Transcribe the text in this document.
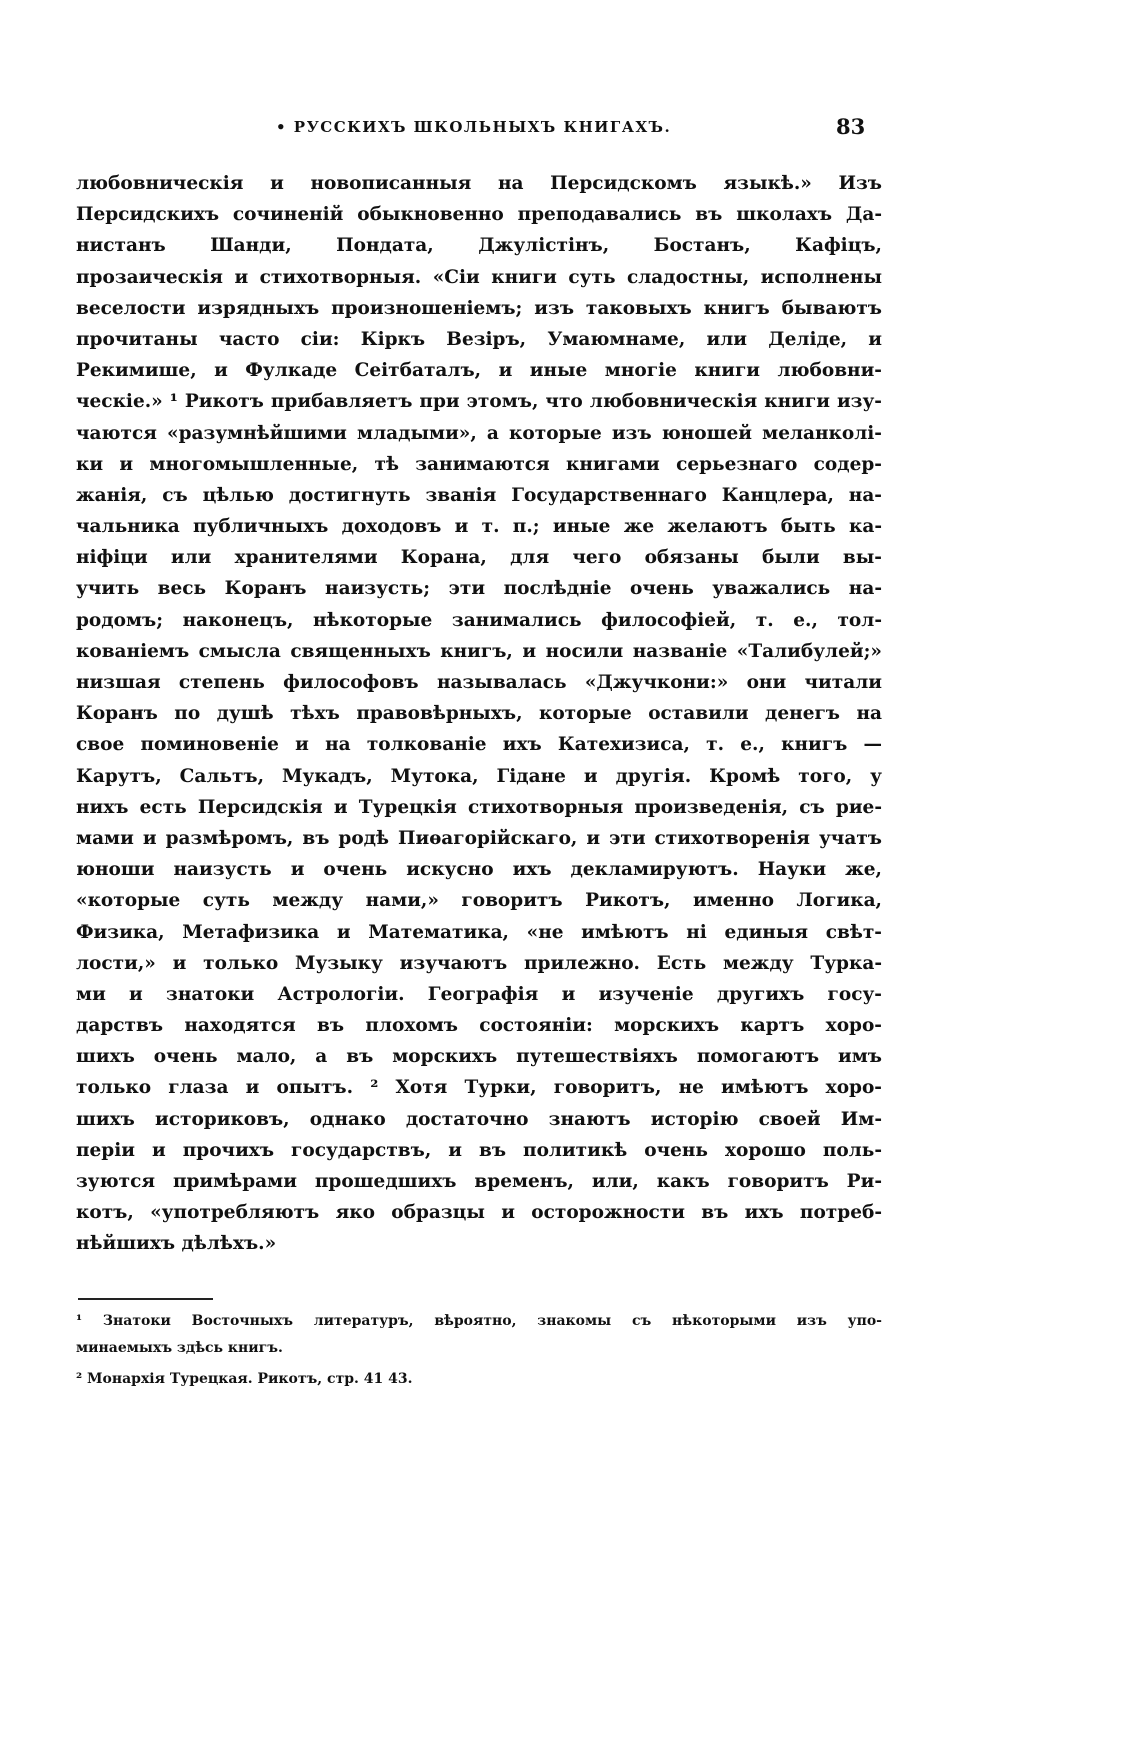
• РУССКИХЪ ШКОЛЬНЫХЪ КНИГАХЪ.	83
любовническія и новописанныя на Персидскомъ языкѣ.» Изъ
Персидскихъ сочиненій обыкновенно преподавались въ школахъ Да-
нистанъ Шанди, Пондата, Джулістінъ, Бостанъ, Кафіцъ,
прозаическія и стихотворныя. «Сіи книги суть сладостны, исполнены
веселости изрядныхъ произношеніемъ; изъ таковыхъ книгъ бываютъ
прочитаны часто сіи: Кіркъ Везіръ, Умаюмнаме, или Деліде, и
Рекимише, и Фулкаде Сеітбаталъ, и иные многіе книги любовни-
ческіе.» ¹ Рикотъ прибавляетъ при этомъ, что любовническія книги изу-
чаются «разумнѣйшими младыми», а которые изъ юношей меланколі-
ки и многомышленные, тѣ занимаются книгами серьезнаго содер-
жанія, съ цѣлью достигнуть званія Государственнаго Канцлера, на-
чальника публичныхъ доходовъ и т. п.; иные же желаютъ быть ка-
ніфіци или хранителями Корана, для чего обязаны были вы-
учить весь Коранъ наизусть; эти послѣдніе очень уважались на-
родомъ; наконецъ, нѣкоторые занимались философіей, т. е., тол-
кованіемъ смысла священныхъ книгъ, и носили названіе «Талибулей;»
низшая степень философовъ называлась «Джучкони:» они читали
Коранъ по душѣ тѣхъ правовѣрныхъ, которые оставили денегъ на
свое поминовеніе и на толкованіе ихъ Катехизиса, т. е., книгъ —
Карутъ, Сальтъ, Мукадъ, Мутока, Гідане и другія. Кромѣ того, у
нихъ есть Персидскія и Турецкія стихотворныя произведенія, съ рие-
мами и размѣромъ, въ родѣ Пиѳагорійскаго, и эти стихотворенія учатъ
юноши наизусть и очень искусно ихъ декламируютъ. Науки же,
«которые суть между нами,» говоритъ Рикотъ, именно Логика,
Физика, Метафизика и Математика, «не имѣютъ ні единыя свѣт-
лости,» и только Музыку изучаютъ прилежно. Есть между Турка-
ми и знатоки Астрологіи. Географія и изученіе другихъ госу-
дарствъ находятся въ плохомъ состояніи: морскихъ картъ хоро-
шихъ очень мало, а въ морскихъ путешествіяхъ помогаютъ имъ
только глаза и опытъ. ² Хотя Турки, говоритъ, не имѣютъ хоро-
шихъ историковъ, однако достаточно знаютъ исторію своей Им-
періи и прочихъ государствъ, и въ политикѣ очень хорошо поль-
зуются примѣрами прошедшихъ временъ, или, какъ говоритъ Ри-
котъ, «употребляютъ яко образцы и осторожности въ ихъ потреб-
нѣйшихъ дѣлѣхъ.»
¹ Знатоки Восточныхъ литературъ, вѣроятно, знакомы съ нѣкоторыми изъ упо-
минаемыхъ здѣсь книгъ.
² Монархія Турецкая. Рикотъ, стр. 41 43.
